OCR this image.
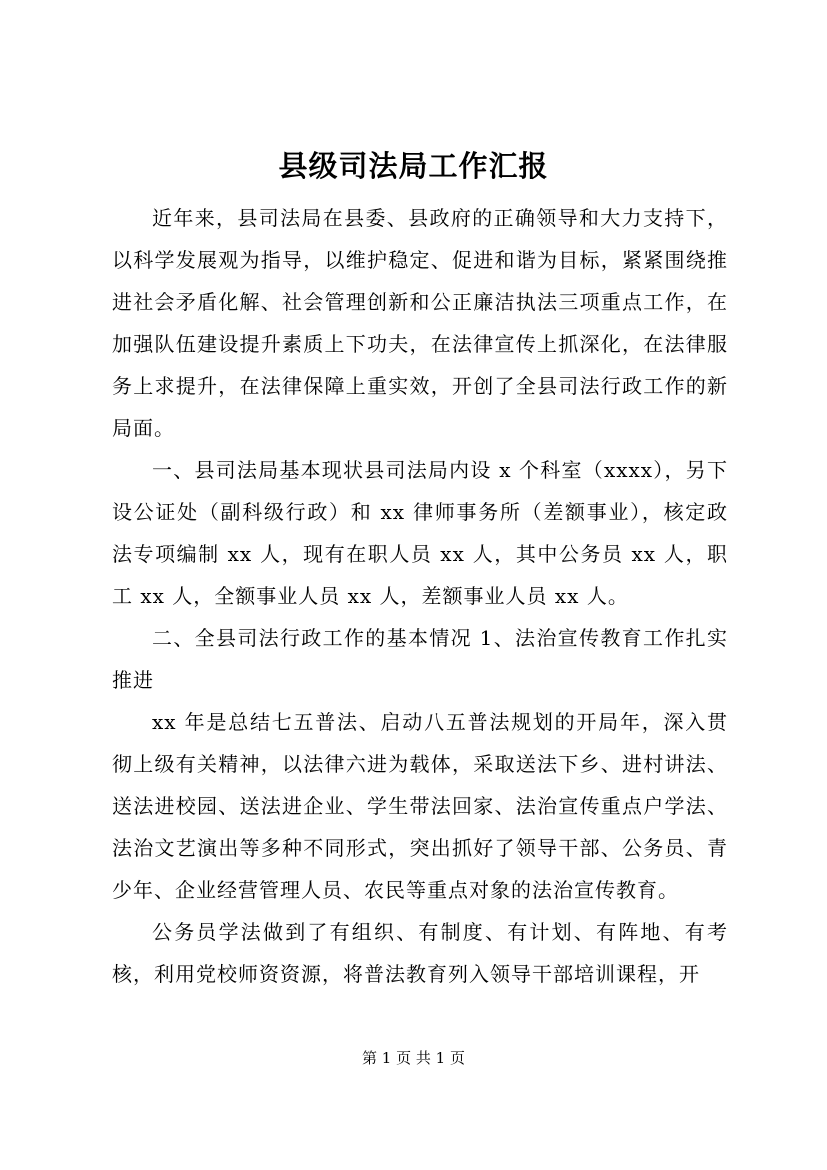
县级司法局工作汇报

近年来，县司法局在县委、县政府的正确领导和大力支持下，以科学发展观为指导，以维护稳定、促进和谐为目标，紧紧围绕推进社会矛盾化解、社会管理创新和公正廉洁执法三项重点工作，在加强队伍建设提升素质上下功夫，在法律宣传上抓深化，在法律服务上求提升，在法律保障上重实效，开创了全县司法行政工作的新局面。

一、县司法局基本现状县司法局内设 x 个科室（xxxx），另下设公证处（副科级行政）和 xx 律师事务所（差额事业），核定政法专项编制 xx 人，现有在职人员 xx 人，其中公务员 xx 人，职工 xx 人，全额事业人员 xx 人，差额事业人员 xx 人。

二、全县司法行政工作的基本情况 1、法治宣传教育工作扎实推进

xx 年是总结七五普法、启动八五普法规划的开局年，深入贯彻上级有关精神，以法律六进为载体，采取送法下乡、进村讲法、送法进校园、送法进企业、学生带法回家、法治宣传重点户学法、法治文艺演出等多种不同形式，突出抓好了领导干部、公务员、青少年、企业经营管理人员、农民等重点对象的法治宣传教育。

公务员学法做到了有组织、有制度、有计划、有阵地、有考核，利用党校师资资源，将普法教育列入领导干部培训课程，开

第 1 页 共 1 页
